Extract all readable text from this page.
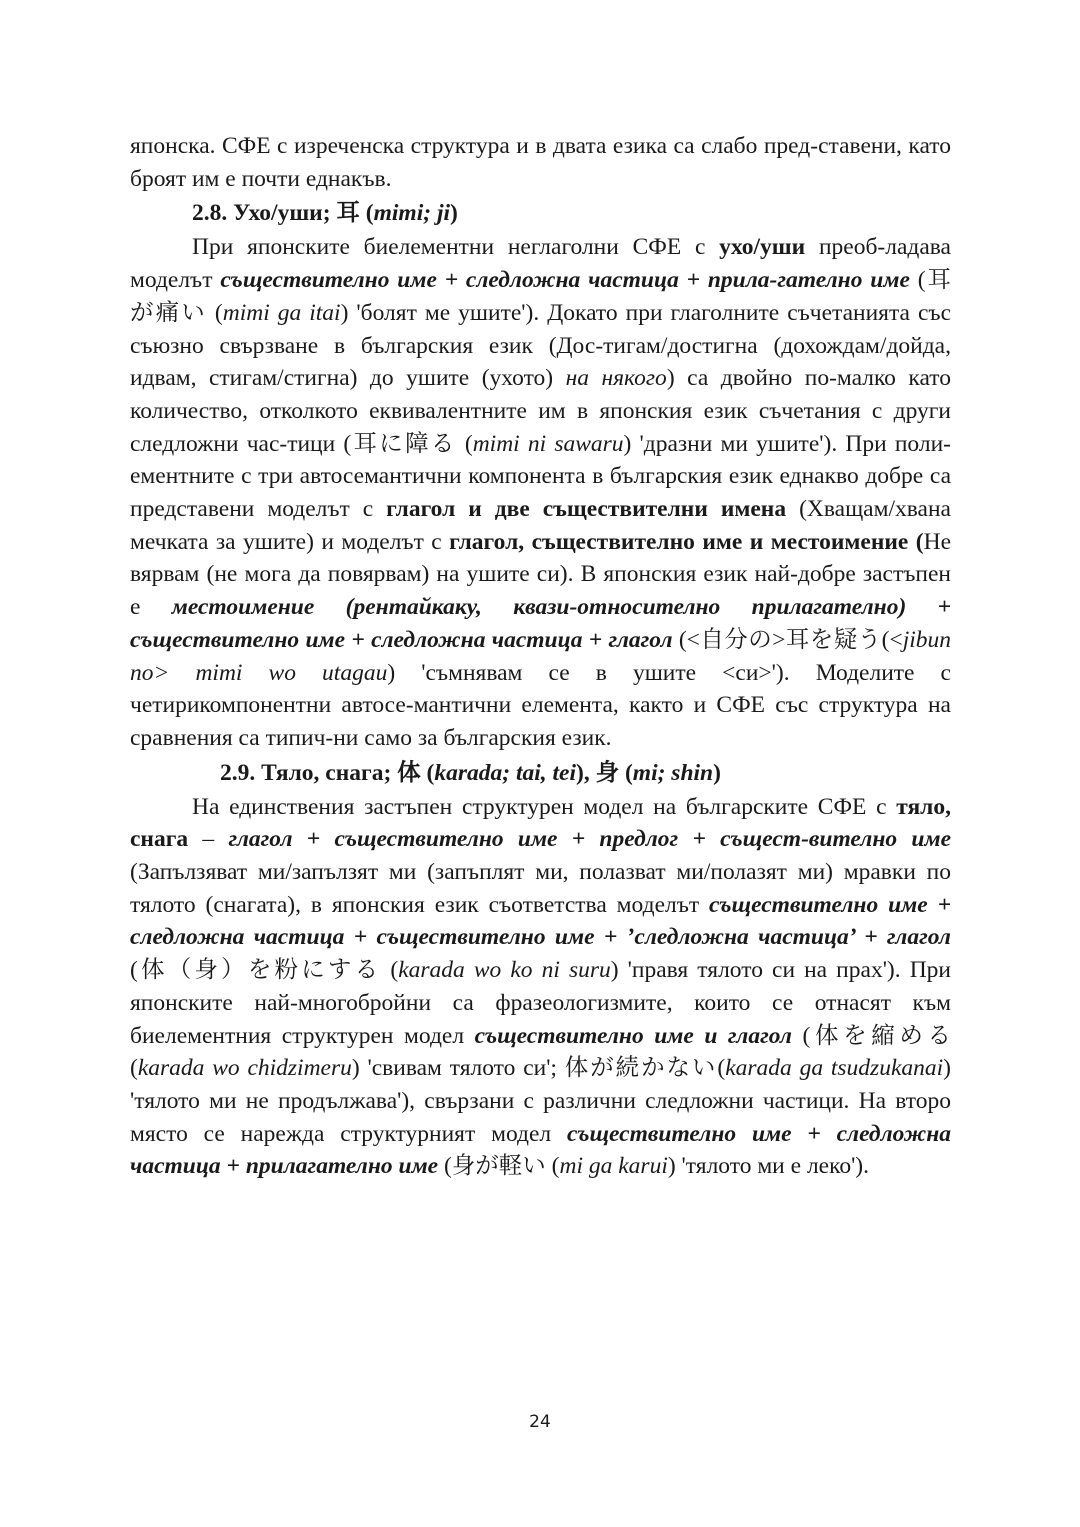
японска. СФЕ с изреченска структура и в двата езика са слабо пред-ставени, като броят им е почти еднакъв.

2.8. Ухо/уши; 耳 (mimi; ji)

При японските биелементни неглаголни СФЕ с ухо/уши преоб-ладава моделът съществително име + следложна частица + прила-гателно име (耳が痛い (mimi ga itai) 'болят ме ушите'). Докато при глаголните съчетанията със съюзно свързване в българския език (Дос-тигам/достигна (дохождам/дойда, идвам, стигам/стигна) до ушите (ухото) на някого) са двойно по-малко като количество, отколкото еквивалентните им в японския език съчетания с други следложни час-тици (耳に障る (mimi ni sawaru) 'дразни ми ушите'). При поли-ементните с три автосемантични компонента в българския език еднакво добре са представени моделът с глагол и две съществителни имена (Хващам/хвана мечката за ушите) и моделът с глагол, съществително име и местоимение (Не вярвам (не мога да повярвам) на ушите си). В японския език най-добре застъпен е местоимение (рентайкаку, квази-относително прилагателно) + съществително име + следложна частица + глагол (<自分の>耳を疑う(<jibun no> mimi wo utagau) 'съмнявам се в ушите <си>'). Моделите с четирикомпонентни автосе-мантични елемента, както и СФЕ със структура на сравнения са типич-ни само за българския език.

2.9. Тяло, снага; 体 (karada; tai, tei), 身 (mi; shin)

На единствения застъпен структурен модел на българските СФЕ с тяло, снага – глагол + съществително име + предлог + същест-вително име (Запълзяват ми/запълзят ми (запъплят ми, полазват ми/полазят ми) мравки по тялото (снагата), в японския език съответства моделът съществително име + следложна частица + съществително име + ’следложна частица’ + глагол (体（身）を粉にする (karada wo ko ni suru) 'правя тялото си на прах'). При японските най-многобройни са фразеологизмите, които се отнасят към биелементния структурен модел съществително име и глагол (体を縮める (karada wo chidzimeru) 'свивам тялото си'; 体が続かない(karada ga tsudzukanai) 'тялото ми не продължава'), свързани с различни следложни частици. На второ място се нарежда структурният модел съществително име + следложна частица + прилагателно име (身が軽い (mi ga karui) 'тялото ми е леко').

24
